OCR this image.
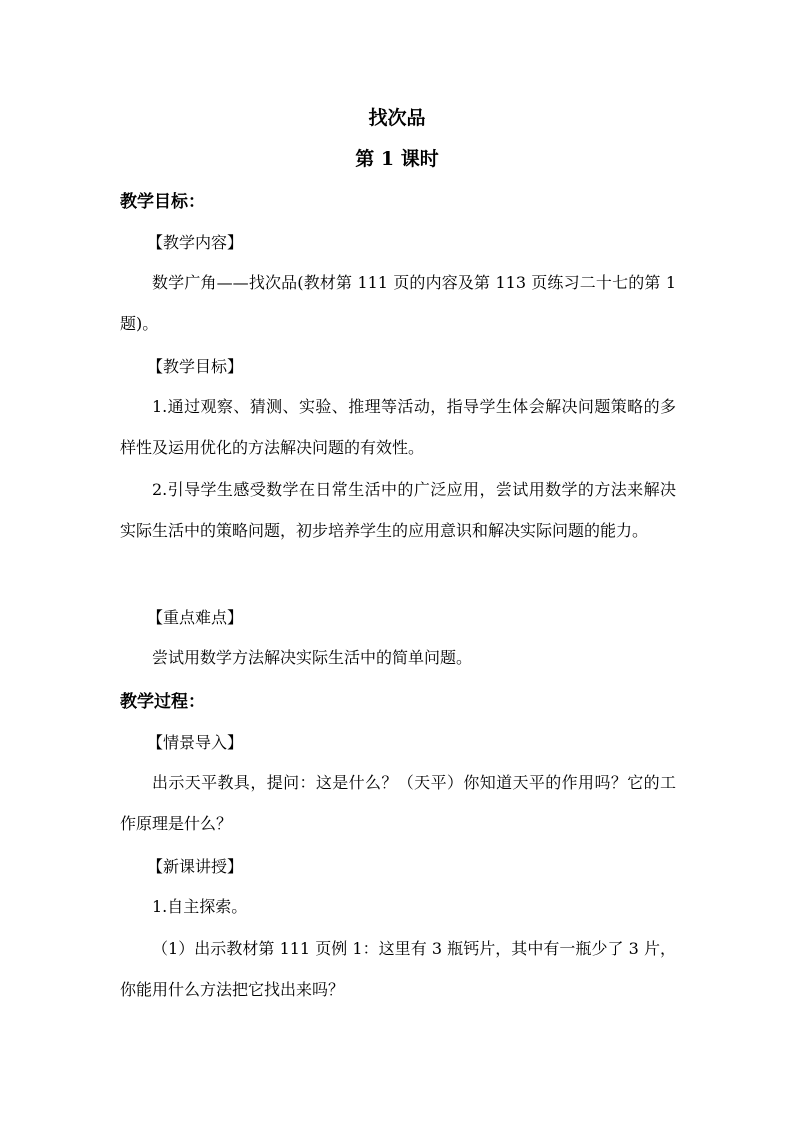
找次品
第 1 课时
教学目标：
【教学内容】
数学广角——找次品(教材第 111 页的内容及第 113 页练习二十七的第 1 题)。
【教学目标】
1.通过观察、猜测、实验、推理等活动，指导学生体会解决问题策略的多样性及运用优化的方法解决问题的有效性。
2.引导学生感受数学在日常生活中的广泛应用，尝试用数学的方法来解决实际生活中的策略问题，初步培养学生的应用意识和解决实际问题的能力。
【重点难点】
尝试用数学方法解决实际生活中的简单问题。
教学过程：
【情景导入】
出示天平教具，提问：这是什么？（天平）你知道天平的作用吗？它的工作原理是什么？
【新课讲授】
1.自主探索。
（1）出示教材第 111 页例 1：这里有 3 瓶钙片，其中有一瓶少了 3 片，你能用什么方法把它找出来吗？
